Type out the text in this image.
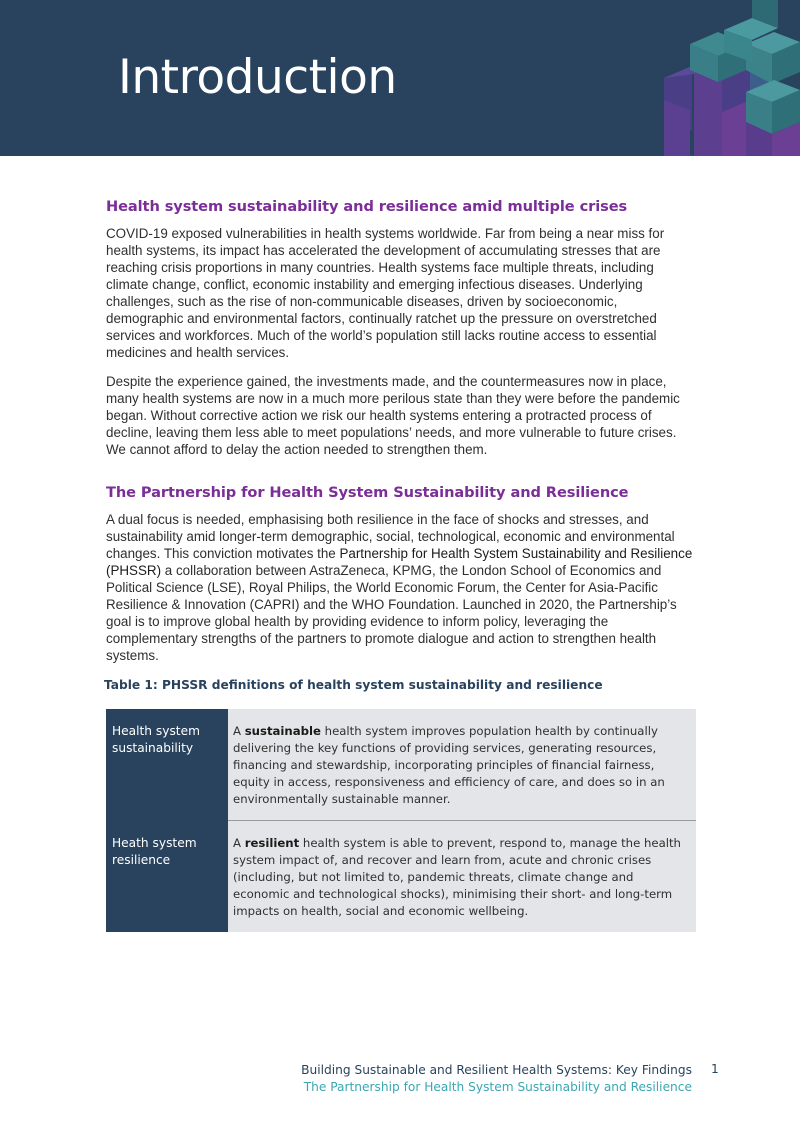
Introduction
Health system sustainability and resilience amid multiple crises

COVID-19 exposed vulnerabilities in health systems worldwide. Far from being a near miss for health systems, its impact has accelerated the development of accumulating stresses that are reaching crisis proportions in many countries. Health systems face multiple threats, including climate change, conflict, economic instability and emerging infectious diseases. Underlying challenges, such as the rise of non-communicable diseases, driven by socioeconomic, demographic and environmental factors, continually ratchet up the pressure on overstretched services and workforces. Much of the world’s population still lacks routine access to essential medicines and health services.

Despite the experience gained, the investments made, and the countermeasures now in place, many health systems are now in a much more perilous state than they were before the pandemic began. Without corrective action we risk our health systems entering a protracted process of decline, leaving them less able to meet populations’ needs, and more vulnerable to future crises. We cannot afford to delay the action needed to strengthen them.

The Partnership for Health System Sustainability and Resilience

A dual focus is needed, emphasising both resilience in the face of shocks and stresses, and sustainability amid longer-term demographic, social, technological, economic and environmental changes. This conviction motivates the Partnership for Health System Sustainability and Resilience (PHSSR) a collaboration between AstraZeneca, KPMG, the London School of Economics and Political Science (LSE), Royal Philips, the World Economic Forum, the Center for Asia-Pacific Resilience & Innovation (CAPRI) and the WHO Foundation. Launched in 2020, the Partnership’s goal is to improve global health by providing evidence to inform policy, leveraging the complementary strengths of the partners to promote dialogue and action to strengthen health systems.

Table 1: PHSSR definitions of health system sustainability and resilience

Health system sustainability	A sustainable health system improves population health by continually delivering the key functions of providing services, generating resources, financing and stewardship, incorporating principles of financial fairness, equity in access, responsiveness and efficiency of care, and does so in an environmentally sustainable manner.
Heath system resilience	A resilient health system is able to prevent, respond to, manage the health system impact of, and recover and learn from, acute and chronic crises (including, but not limited to, pandemic threats, climate change and economic and technological shocks), minimising their short- and long-term impacts on health, social and economic wellbeing.
Building Sustainable and Resilient Health Systems: Key Findings
The Partnership for Health System Sustainability and Resilience
1
